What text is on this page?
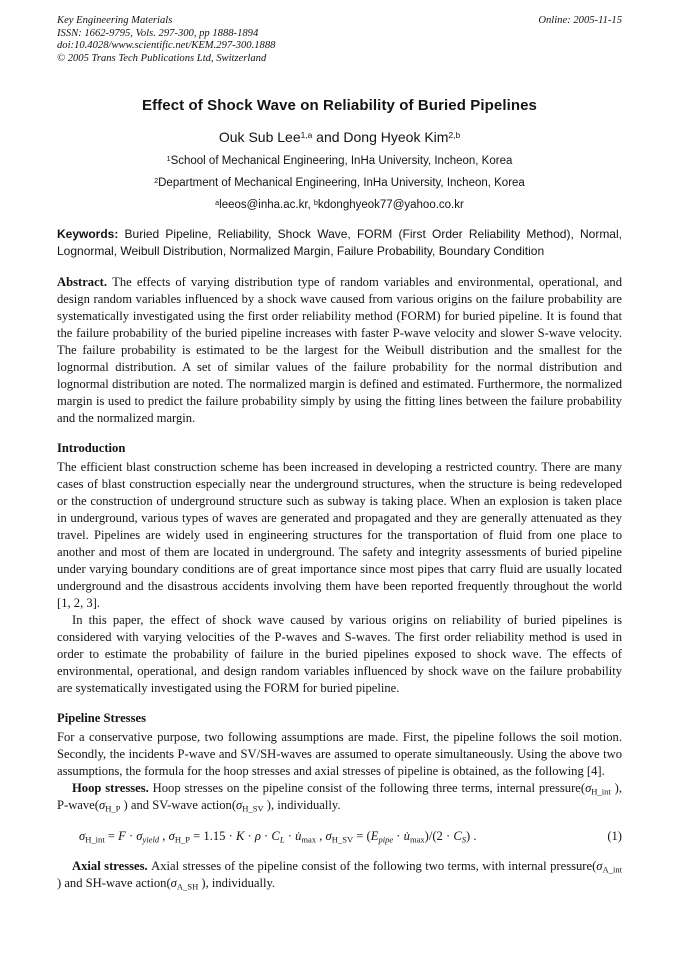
Key Engineering Materials
ISSN: 1662-9795, Vols. 297-300, pp 1888-1894
doi:10.4028/www.scientific.net/KEM.297-300.1888
© 2005 Trans Tech Publications Ltd, Switzerland
Online: 2005-11-15
Effect of Shock Wave on Reliability of Buried Pipelines
Ouk Sub Lee$^{1,a}$ and Dong Hyeok Kim$^{2,b}$
$^1$School of Mechanical Engineering, InHa University, Incheon, Korea
$^2$Department of Mechanical Engineering, InHa University, Incheon, Korea
$^a$leeos@inha.ac.kr, $^b$kdonghyeok77@yahoo.co.kr

Keywords: Buried Pipeline, Reliability, Shock Wave, FORM (First Order Reliability Method), Normal, Lognormal, Weibull Distribution, Normalized Margin, Failure Probability, Boundary Condition

Abstract. The effects of varying distribution type of random variables and environmental, operational, and design random variables influenced by a shock wave caused from various origins on the failure probability are systematically investigated using the first order reliability method (FORM) for buried pipeline. It is found that the failure probability of the buried pipeline increases with faster P-wave velocity and slower S-wave velocity. The failure probability is estimated to be the largest for the Weibull distribution and the smallest for the lognormal distribution. A set of similar values of the failure probability for the normal distribution and lognormal distribution are noted. The normalized margin is defined and estimated. Furthermore, the normalized margin is used to predict the failure probability simply by using the fitting lines between the failure probability and the normalized margin.

Introduction

The efficient blast construction scheme has been increased in developing a restricted country. There are many cases of blast construction especially near the underground structures, when the structure is being redeveloped or the construction of underground structure such as subway is taking place. When an explosion is taken place in underground, various types of waves are generated and propagated and they are generally attenuated as they travel. Pipelines are widely used in engineering structures for the transportation of fluid from one place to another and most of them are located in underground. The safety and integrity assessments of buried pipeline under varying boundary conditions are of great importance since most pipes that carry fluid are usually located underground and the disastrous accidents involving them have been reported frequently throughout the world [1, 2, 3].

In this paper, the effect of shock wave caused by various origins on reliability of buried pipelines is considered with varying velocities of the P-waves and S-waves. The first order reliability method is used in order to estimate the probability of failure in the buried pipelines exposed to shock wave. The effects of environmental, operational, and design random variables influenced by shock wave on the failure probability are systematically investigated using the FORM for buried pipeline.

Pipeline Stresses

For a conservative purpose, two following assumptions are made. First, the pipeline follows the soil motion. Secondly, the incidents P-wave and SV/SH-waves are assumed to operate simultaneously. Using the above two assumptions, the formula for the hoop stresses and axial stresses of pipeline is obtained, as the following [4].

Hoop stresses. Hoop stresses on the pipeline consist of the following three terms, internal $pressure(\sigma_{H\_int}$ ), $P-wave(\sigma_{H\_P}$ ) and SV-wave $action(\sigma_{H\_SV}$ ), individually.

$\sigma_{H\_int} = F \cdot \sigma_{yield}$ , $\sigma_{H\_P} = 1.15 \cdot K \cdot \rho \cdot C_L$ · $u̇_{max}$ , $\sigma_{H\_SV} = (E_{pipe}$ · $u̇_{max})/(2 \cdot C_S)$ .	(1)

Axial stresses. Axial stresses of the pipeline consist of the following two terms, with internal $pressure(\sigma_{A\_int}$ ) and SH-wave $action(\sigma_{A\_SH}$ ), individually.
